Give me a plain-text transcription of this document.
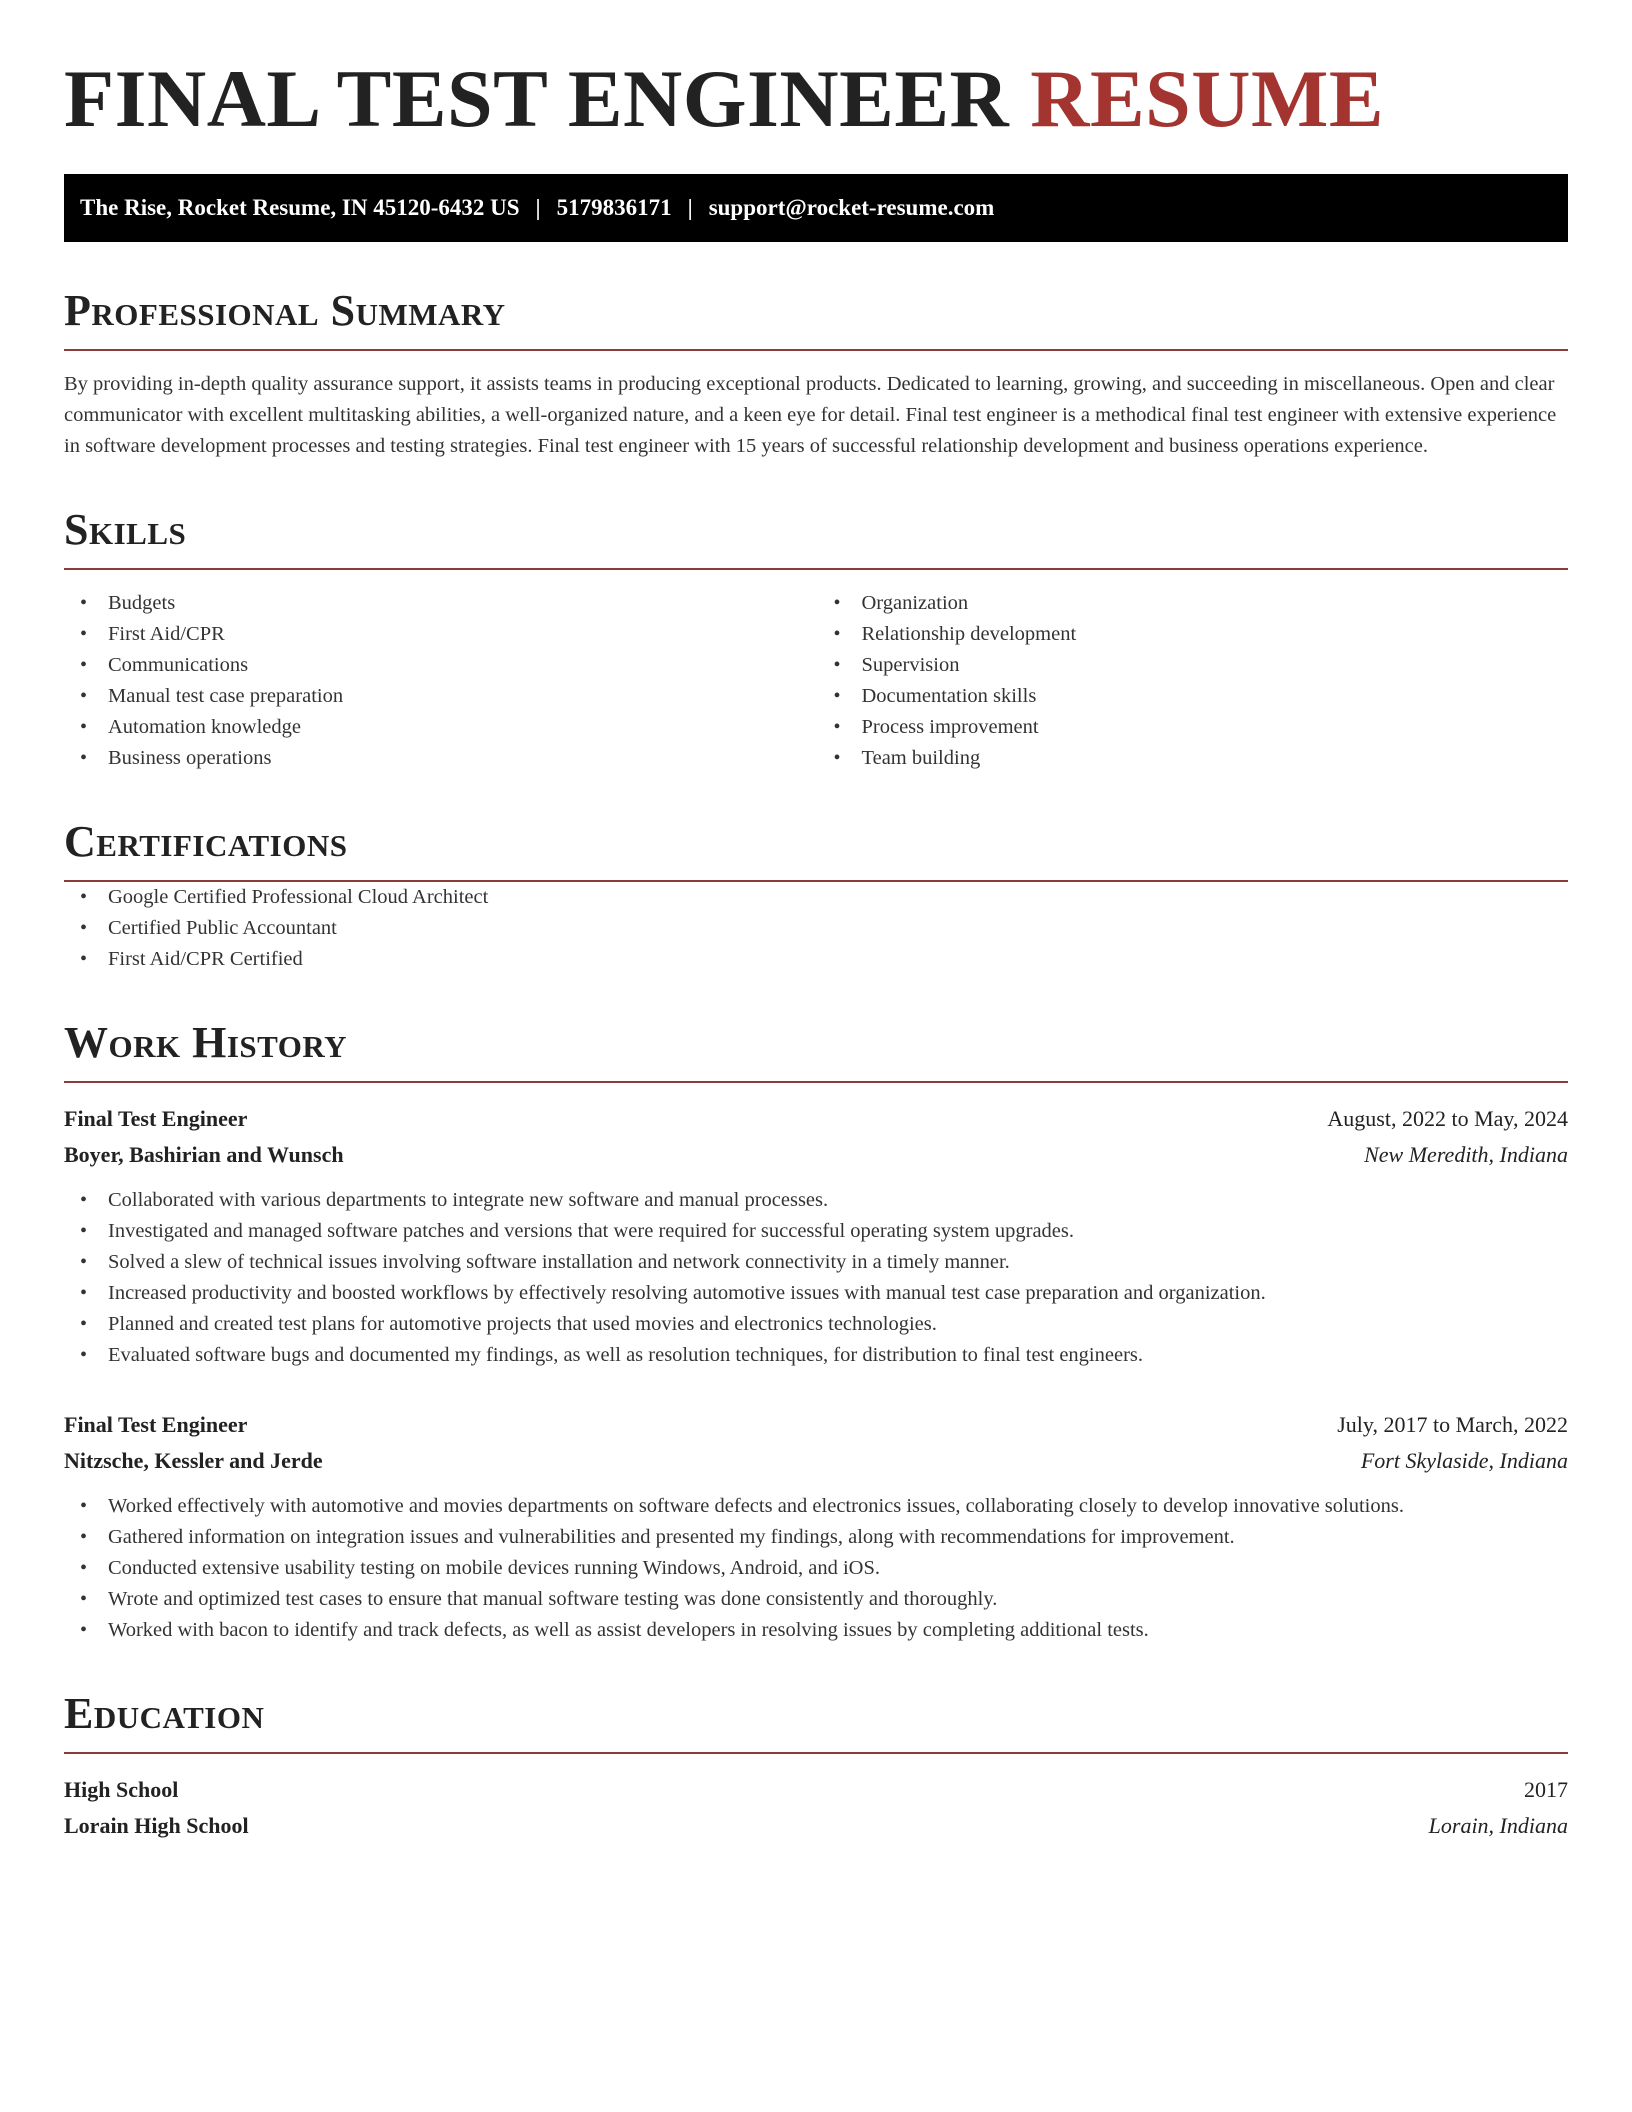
FINAL TEST ENGINEER RESUME
The Rise, Rocket Resume, IN 45120-6432 US | 5179836171 | support@rocket-resume.com
Professional Summary

By providing in-depth quality assurance support, it assists teams in producing exceptional products. Dedicated to learning, growing, and succeeding in miscellaneous. Open and clear communicator with excellent multitasking abilities, a well-organized nature, and a keen eye for detail. Final test engineer is a methodical final test engineer with extensive experience in software development processes and testing strategies. Final test engineer with 15 years of successful relationship development and business operations experience.

Skills
• Budgets
• First Aid/CPR
• Communications
• Manual test case preparation
• Automation knowledge
• Business operations
• Organization
• Relationship development
• Supervision
• Documentation skills
• Process improvement
• Team building
Certifications
• Google Certified Professional Cloud Architect
• Certified Public Accountant
• First Aid/CPR Certified
Work History
Final Test Engineer	August, 2022 to May, 2024
Boyer, Bashirian and Wunsch	New Meredith, Indiana
• Collaborated with various departments to integrate new software and manual processes.
• Investigated and managed software patches and versions that were required for successful operating system upgrades.
• Solved a slew of technical issues involving software installation and network connectivity in a timely manner.
• Increased productivity and boosted workflows by effectively resolving automotive issues with manual test case preparation and organization.
• Planned and created test plans for automotive projects that used movies and electronics technologies.
• Evaluated software bugs and documented my findings, as well as resolution techniques, for distribution to final test engineers.
Final Test Engineer	July, 2017 to March, 2022
Nitzsche, Kessler and Jerde	Fort Skylaside, Indiana
• Worked effectively with automotive and movies departments on software defects and electronics issues, collaborating closely to develop innovative solutions.
• Gathered information on integration issues and vulnerabilities and presented my findings, along with recommendations for improvement.
• Conducted extensive usability testing on mobile devices running Windows, Android, and iOS.
• Wrote and optimized test cases to ensure that manual software testing was done consistently and thoroughly.
• Worked with bacon to identify and track defects, as well as assist developers in resolving issues by completing additional tests.
Education
High School	2017
Lorain High School	Lorain, Indiana
